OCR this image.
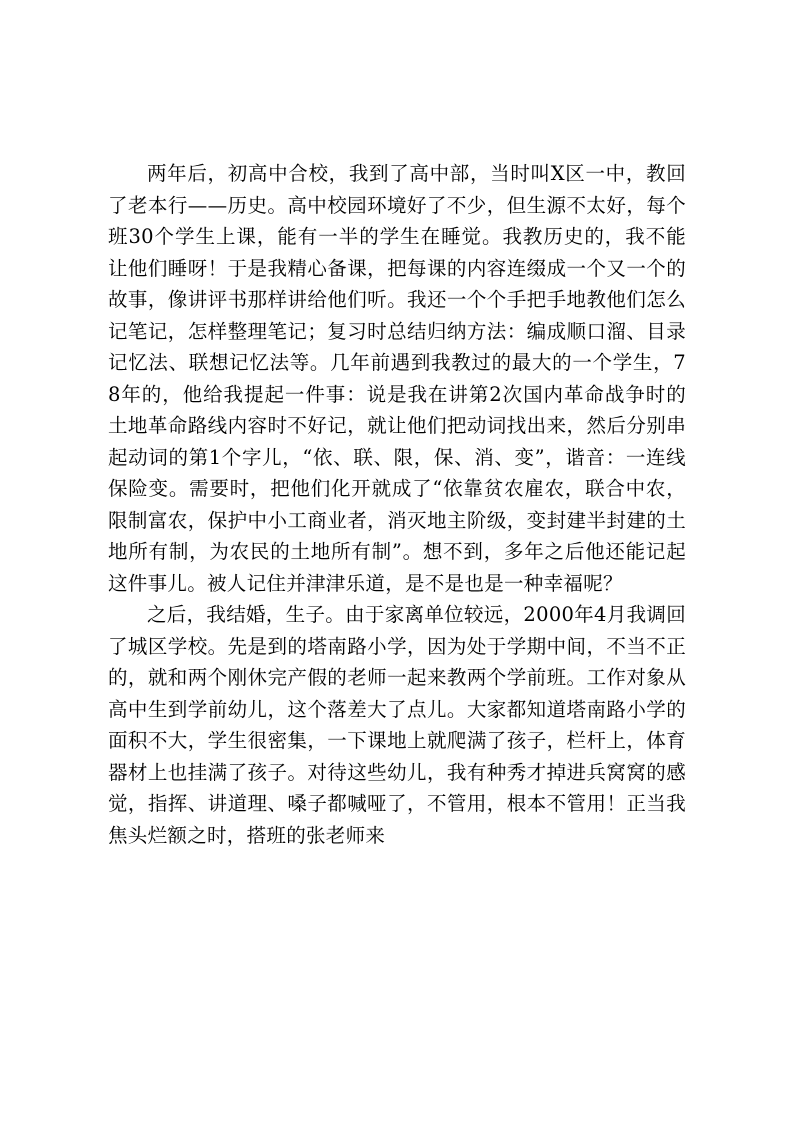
两年后，初高中合校，我到了高中部，当时叫X区一中，教回了老本行——历史。高中校园环境好了不少，但生源不太好，每个班30个学生上课，能有一半的学生在睡觉。我教历史的，我不能让他们睡呀！于是我精心备课，把每课的内容连缀成一个又一个的故事，像讲评书那样讲给他们听。我还一个个手把手地教他们怎么记笔记，怎样整理笔记；复习时总结归纳方法：编成顺口溜、目录记忆法、联想记忆法等。几年前遇到我教过的最大的一个学生，78年的，他给我提起一件事：说是我在讲第2次国内革命战争时的土地革命路线内容时不好记，就让他们把动词找出来，然后分别串起动词的第1个字儿，“依、联、限，保、消、变”，谐音：一连线保险变。需要时，把他们化开就成了“依靠贫农雇农，联合中农，限制富农，保护中小工商业者，消灭地主阶级，变封建半封建的土地所有制，为农民的土地所有制”。想不到，多年之后他还能记起这件事儿。被人记住并津津乐道，是不是也是一种幸福呢？

之后，我结婚，生子。由于家离单位较远，2000年4月我调回了城区学校。先是到的塔南路小学，因为处于学期中间，不当不正的，就和两个刚休完产假的老师一起来教两个学前班。工作对象从高中生到学前幼儿，这个落差大了点儿。大家都知道塔南路小学的面积不大，学生很密集，一下课地上就爬满了孩子，栏杆上，体育器材上也挂满了孩子。对待这些幼儿，我有种秀才掉进兵窝窝的感觉，指挥、讲道理、嗓子都喊哑了，不管用，根本不管用！正当我焦头烂额之时，搭班的张老师来
